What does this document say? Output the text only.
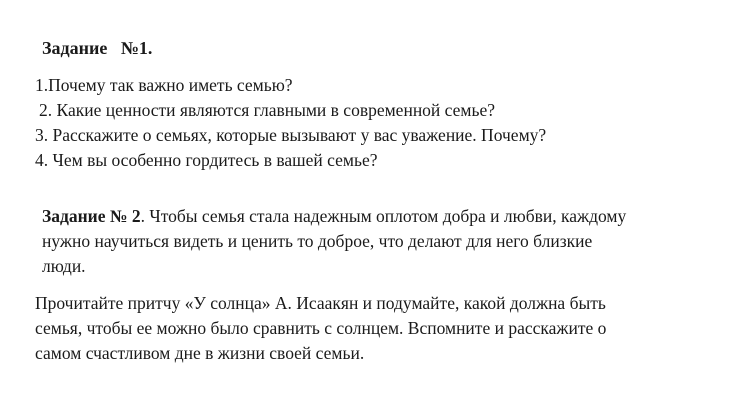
Задание   №1.
1.Почему так важно иметь семью?
2. Какие ценности являются главными в современной семье?
3. Расскажите о семьях, которые вызывают у вас уважение. Почему?
4. Чем вы особенно гордитесь в вашей семье?
Задание № 2. Чтобы семья стала надежным оплотом добра и любви, каждому
нужно научиться видеть и ценить то доброе, что делают для него близкие
люди.
Прочитайте притчу «У солнца» А. Исаакян и подумайте, какой должна быть
семья, чтобы ее можно было сравнить с солнцем. Вспомните и расскажите о
самом счастливом дне в жизни своей семьи.
